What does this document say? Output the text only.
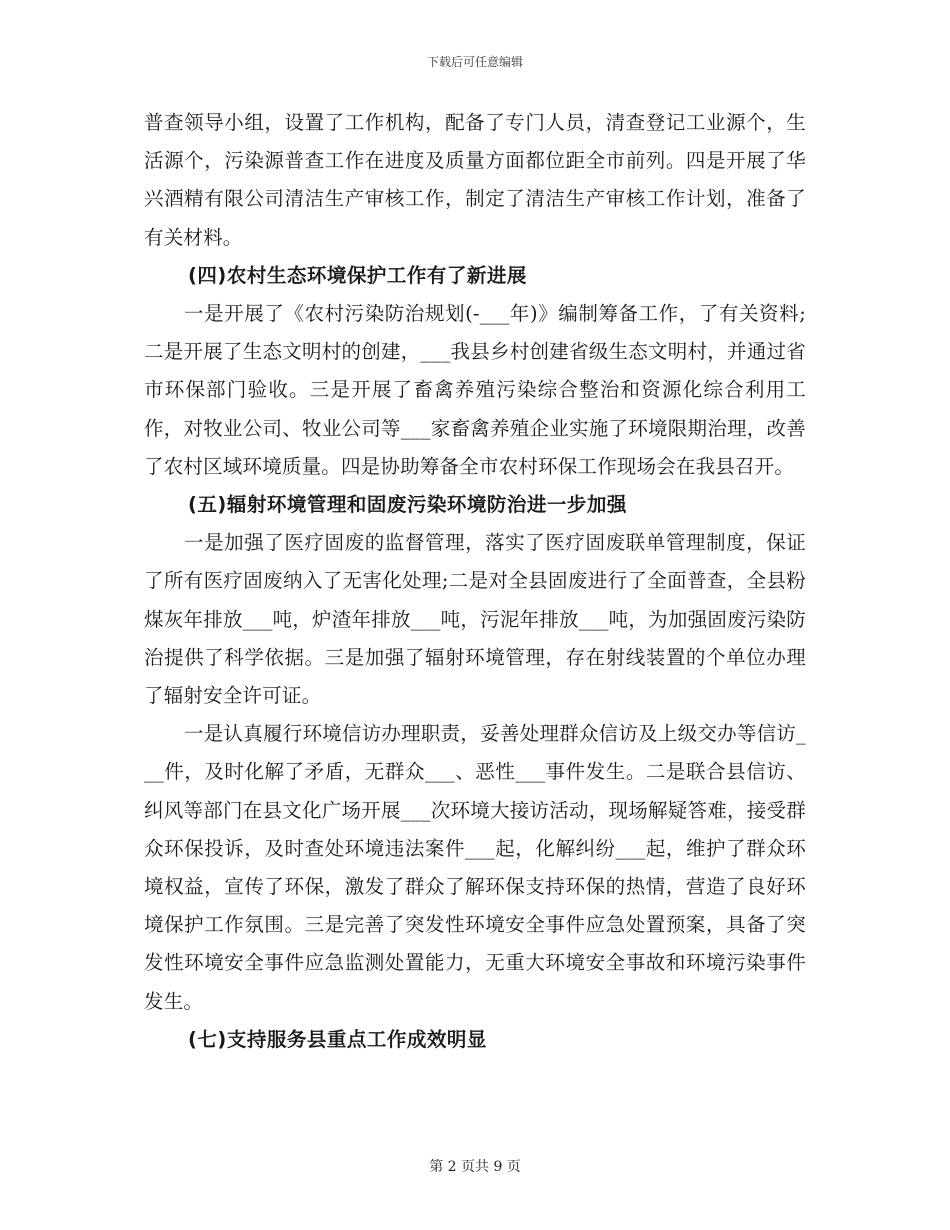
下载后可任意编辑

普查领导小组，设置了工作机构，配备了专门人员，清查登记工业源个，生活源个，污染源普查工作在进度及质量方面都位距全市前列。四是开展了华兴酒精有限公司清洁生产审核工作，制定了清洁生产审核工作计划，准备了有关材料。

(四)农村生态环境保护工作有了新进展

一是开展了《农村污染防治规划(-___年)》编制筹备工作，了有关资料;二是开展了生态文明村的创建，___我县乡村创建省级生态文明村，并通过省市环保部门验收。三是开展了畜禽养殖污染综合整治和资源化综合利用工作，对牧业公司、牧业公司等___家畜禽养殖企业实施了环境限期治理，改善了农村区域环境质量。四是协助筹备全市农村环保工作现场会在我县召开。

(五)辐射环境管理和固废污染环境防治进一步加强

一是加强了医疗固废的监督管理，落实了医疗固废联单管理制度，保证了所有医疗固废纳入了无害化处理;二是对全县固废进行了全面普查，全县粉煤灰年排放___吨，炉渣年排放___吨，污泥年排放___吨，为加强固废污染防治提供了科学依据。三是加强了辐射环境管理，存在射线装置的个单位办理了辐射安全许可证。

一是认真履行环境信访办理职责，妥善处理群众信访及上级交办等信访___件，及时化解了矛盾，无群众___、恶性___事件发生。二是联合县信访、纠风等部门在县文化广场开展___次环境大接访活动，现场解疑答难，接受群众环保投诉，及时查处环境违法案件___起，化解纠纷___起，维护了群众环境权益，宣传了环保，激发了群众了解环保支持环保的热情，营造了良好环境保护工作氛围。三是完善了突发性环境安全事件应急处置预案，具备了突发性环境安全事件应急监测处置能力，无重大环境安全事故和环境污染事件发生。

(七)支持服务县重点工作成效明显

第 2 页共 9 页
